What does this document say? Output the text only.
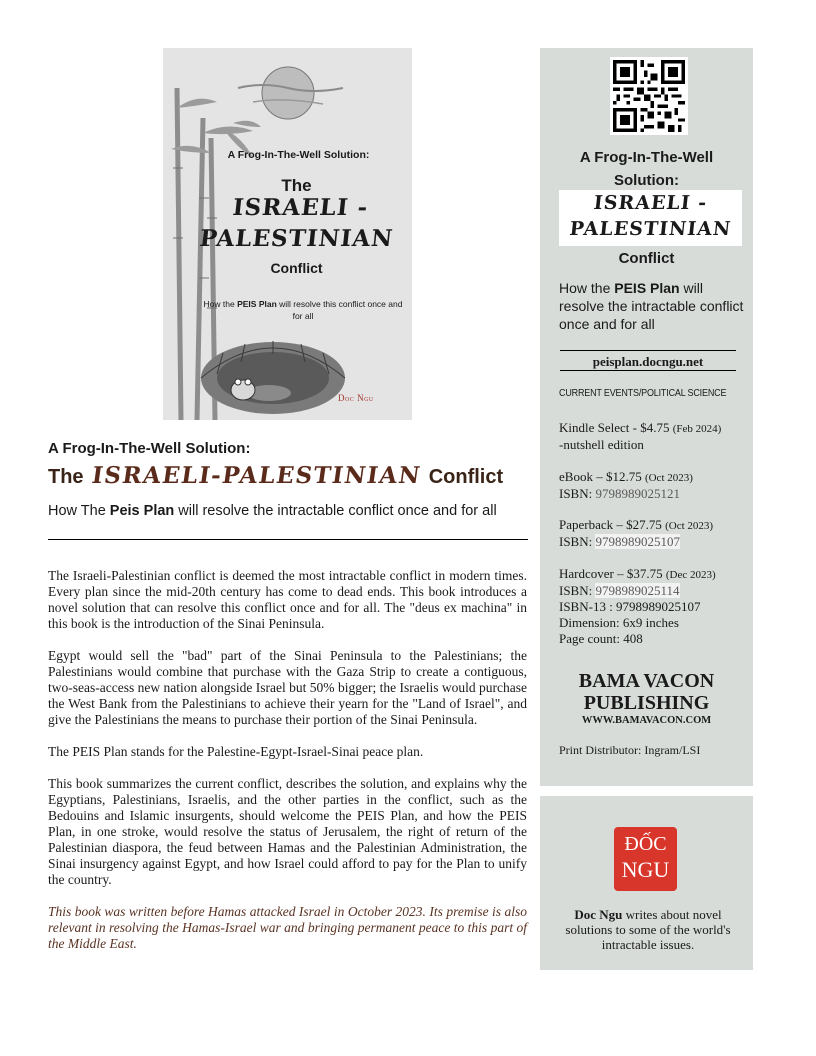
A Frog-In-The-Well Solution:
The
ISRAELI -
PALESTINIAN
Conflict
How the PEIS Plan will resolve this conflict once and for all
Doc Ngu
A Frog-In-The-Well Solution:
The ISRAELI-PALESTINIAN Conflict
How The Peis Plan will resolve the intractable conflict once and for all

The Israeli-Palestinian conflict is deemed the most intractable conflict in modern times. Every plan since the mid-20th century has come to dead ends. This book introduces a novel solution that can resolve this conflict once and for all. The "deus ex machina" in this book is the introduction of the Sinai Peninsula.

Egypt would sell the "bad" part of the Sinai Peninsula to the Palestinians; the Palestinians would combine that purchase with the Gaza Strip to create a contiguous, two-seas-access new nation alongside Israel but 50% bigger; the Israelis would purchase the West Bank from the Palestinians to achieve their yearn for the "Land of Israel", and give the Palestinians the means to purchase their portion of the Sinai Peninsula.

The PEIS Plan stands for the Palestine-Egypt-Israel-Sinai peace plan.

This book summarizes the current conflict, describes the solution, and explains why the Egyptians, Palestinians, Israelis, and the other parties in the conflict, such as the Bedouins and Islamic insurgents, should welcome the PEIS Plan, and how the PEIS Plan, in one stroke, would resolve the status of Jerusalem, the right of return of the Palestinian diaspora, the feud between Hamas and the Palestinian Administration, the Sinai insurgency against Egypt, and how Israel could afford to pay for the Plan to unify the country.

This book was written before Hamas attacked Israel in October 2023. Its premise is also relevant in resolving the Hamas-Israel war and bringing permanent peace to this part of the Middle East.

A Frog-In-The-Well
Solution:
ISRAELI -
PALESTINIAN
Conflict
How the PEIS Plan will resolve the intractable conflict once and for all
peisplan.docngu.net
CURRENT EVENTS/POLITICAL SCIENCE
Kindle Select - $4.75 (Feb 2024)
-nutshell edition
eBook – $12.75 (Oct 2023)
ISBN: 9798989025121
Paperback – $27.75 (Oct 2023)
ISBN: 9798989025107
Hardcover – $37.75 (Dec 2023)
ISBN: 9798989025114
ISBN-13 : 9798989025107
Dimension: 6x9 inches
Page count: 408
BAMA VACON
PUBLISHING
WWW.BAMAVACON.COM
Print Distributor: Ingram/LSI
ĐỐC
NGU
Doc Ngu writes about novel solutions to some of the world's intractable issues.
